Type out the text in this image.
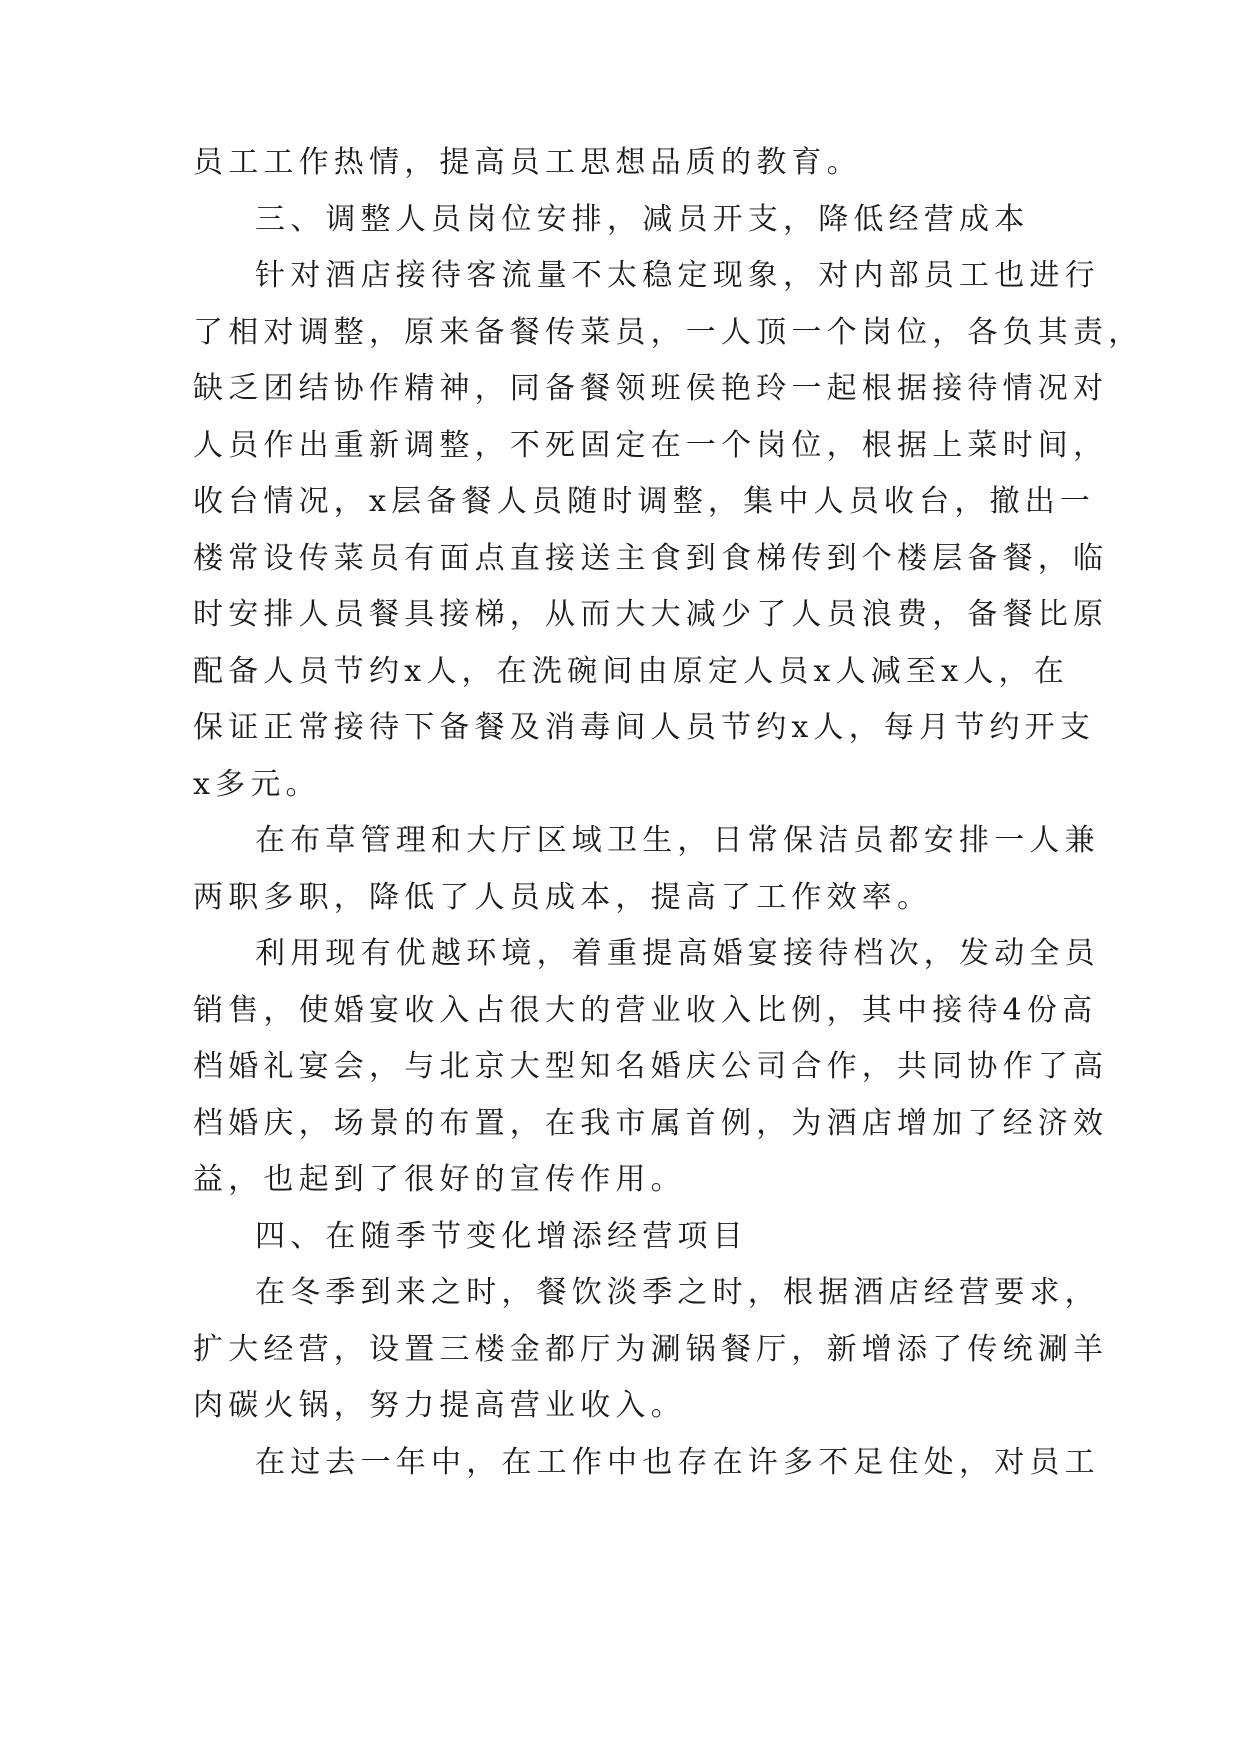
员工工作热情，提高员工思想品质的教育。
三、调整人员岗位安排，减员开支，降低经营成本
针对酒店接待客流量不太稳定现象，对内部员工也进行
了相对调整，原来备餐传菜员，一人顶一个岗位，各负其责，
缺乏团结协作精神，同备餐领班侯艳玲一起根据接待情况对
人员作出重新调整，不死固定在一个岗位，根据上菜时间，
收台情况，x层备餐人员随时调整，集中人员收台，撤出一
楼常设传菜员有面点直接送主食到食梯传到个楼层备餐，临
时安排人员餐具接梯，从而大大减少了人员浪费，备餐比原
配备人员节约x人，在洗碗间由原定人员x人减至x人，在
保证正常接待下备餐及消毒间人员节约x人，每月节约开支
x多元。
在布草管理和大厅区域卫生，日常保洁员都安排一人兼
两职多职，降低了人员成本，提高了工作效率。
利用现有优越环境，着重提高婚宴接待档次，发动全员
销售，使婚宴收入占很大的营业收入比例，其中接待4份高
档婚礼宴会，与北京大型知名婚庆公司合作，共同协作了高
档婚庆，场景的布置，在我市属首例，为酒店增加了经济效
益，也起到了很好的宣传作用。
四、在随季节变化增添经营项目
在冬季到来之时，餐饮淡季之时，根据酒店经营要求，
扩大经营，设置三楼金都厅为涮锅餐厅，新增添了传统涮羊
肉碳火锅，努力提高营业收入。
在过去一年中，在工作中也存在许多不足住处，对员工
